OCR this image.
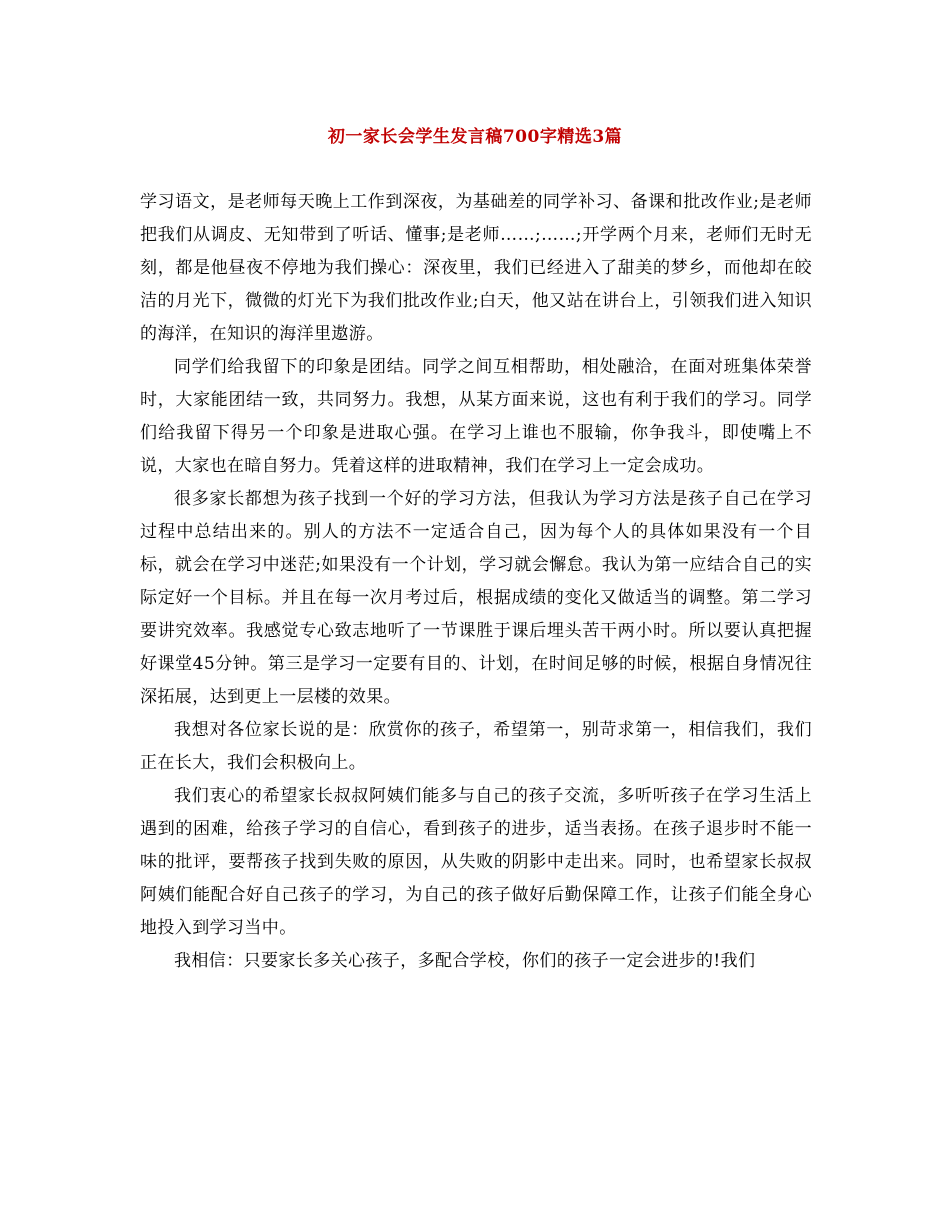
初一家长会学生发言稿700字精选3篇

学习语文，是老师每天晚上工作到深夜，为基础差的同学补习、备课和批改作业;是老师把我们从调皮、无知带到了听话、懂事;是老师……;……;开学两个月来，老师们无时无刻，都是他昼夜不停地为我们操心：深夜里，我们已经进入了甜美的梦乡，而他却在皎洁的月光下，微微的灯光下为我们批改作业;白天，他又站在讲台上，引领我们进入知识的海洋，在知识的海洋里遨游。

同学们给我留下的印象是团结。同学之间互相帮助，相处融洽，在面对班集体荣誉时，大家能团结一致，共同努力。我想，从某方面来说，这也有利于我们的学习。同学们给我留下得另一个印象是进取心强。在学习上谁也不服输，你争我斗，即使嘴上不说，大家也在暗自努力。凭着这样的进取精神，我们在学习上一定会成功。

很多家长都想为孩子找到一个好的学习方法，但我认为学习方法是孩子自己在学习过程中总结出来的。别人的方法不一定适合自己，因为每个人的具体如果没有一个目标，就会在学习中迷茫;如果没有一个计划，学习就会懈怠。我认为第一应结合自己的实际定好一个目标。并且在每一次月考过后，根据成绩的变化又做适当的调整。第二学习要讲究效率。我感觉专心致志地听了一节课胜于课后埋头苦干两小时。所以要认真把握好课堂45分钟。第三是学习一定要有目的、计划，在时间足够的时候，根据自身情况往深拓展，达到更上一层楼的效果。

我想对各位家长说的是：欣赏你的孩子，希望第一，别苛求第一，相信我们，我们正在长大，我们会积极向上。

我们衷心的希望家长叔叔阿姨们能多与自己的孩子交流，多听听孩子在学习生活上遇到的困难，给孩子学习的自信心，看到孩子的进步，适当表扬。在孩子退步时不能一味的批评，要帮孩子找到失败的原因，从失败的阴影中走出来。同时，也希望家长叔叔阿姨们能配合好自己孩子的学习，为自己的孩子做好后勤保障工作，让孩子们能全身心地投入到学习当中。

我相信：只要家长多关心孩子，多配合学校，你们的孩子一定会进步的!我们
